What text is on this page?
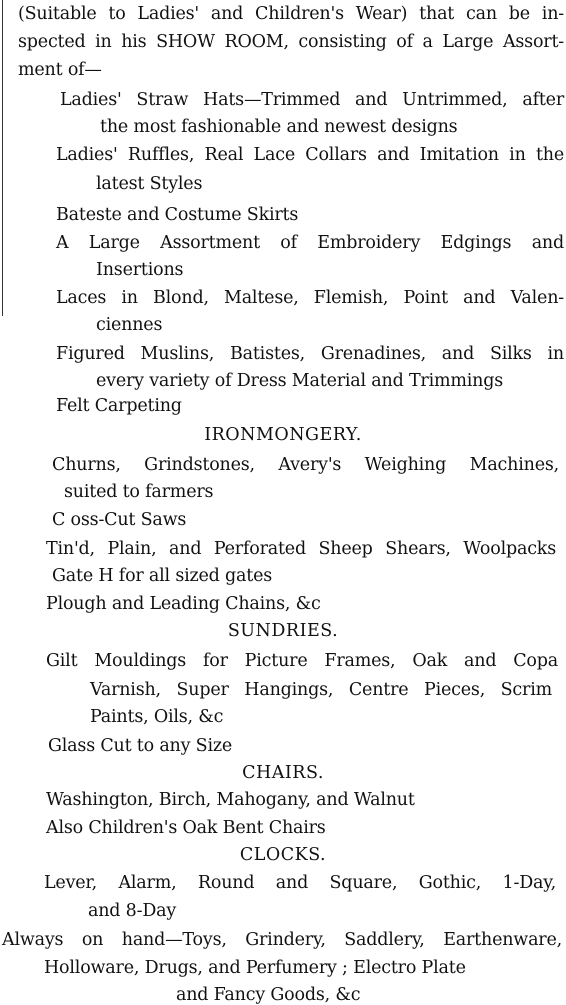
(Suitable to Ladies' and Children's Wear) that can be in-
spected in his SHOW ROOM, consisting of a Large Assort-
ment of—
Ladies' Straw Hats—Trimmed and Untrimmed, after
the most fashionable and newest designs
Ladies' Ruffles, Real Lace Collars and Imitation in the
latest Styles
Bateste and Costume Skirts
A Large Assortment of Embroidery Edgings and
Insertions
Laces in Blond, Maltese, Flemish, Point and Valen-
ciennes
Figured Muslins, Batistes, Grenadines, and Silks in
every variety of Dress Material and Trimmings
Felt Carpeting
IRONMONGERY.
Churns, Grindstones, Avery's Weighing Machines,
suited to farmers
C oss-Cut Saws
Tin'd, Plain, and Perforated Sheep Shears, Woolpacks
Gate H for all sized gates
Plough and Leading Chains, &c
SUNDRIES.
Gilt Mouldings for Picture Frames, Oak and Copa
Varnish, Super Hangings, Centre Pieces, Scrim
Paints, Oils, &c
Glass Cut to any Size
CHAIRS.
Washington, Birch, Mahogany, and Walnut
Also Children's Oak Bent Chairs
CLOCKS.
Lever, Alarm, Round and Square, Gothic, 1-Day,
and 8-Day
Always on hand—Toys, Grindery, Saddlery, Earthenware,
Holloware, Drugs, and Perfumery ; Electro Plate
and Fancy Goods, &c
